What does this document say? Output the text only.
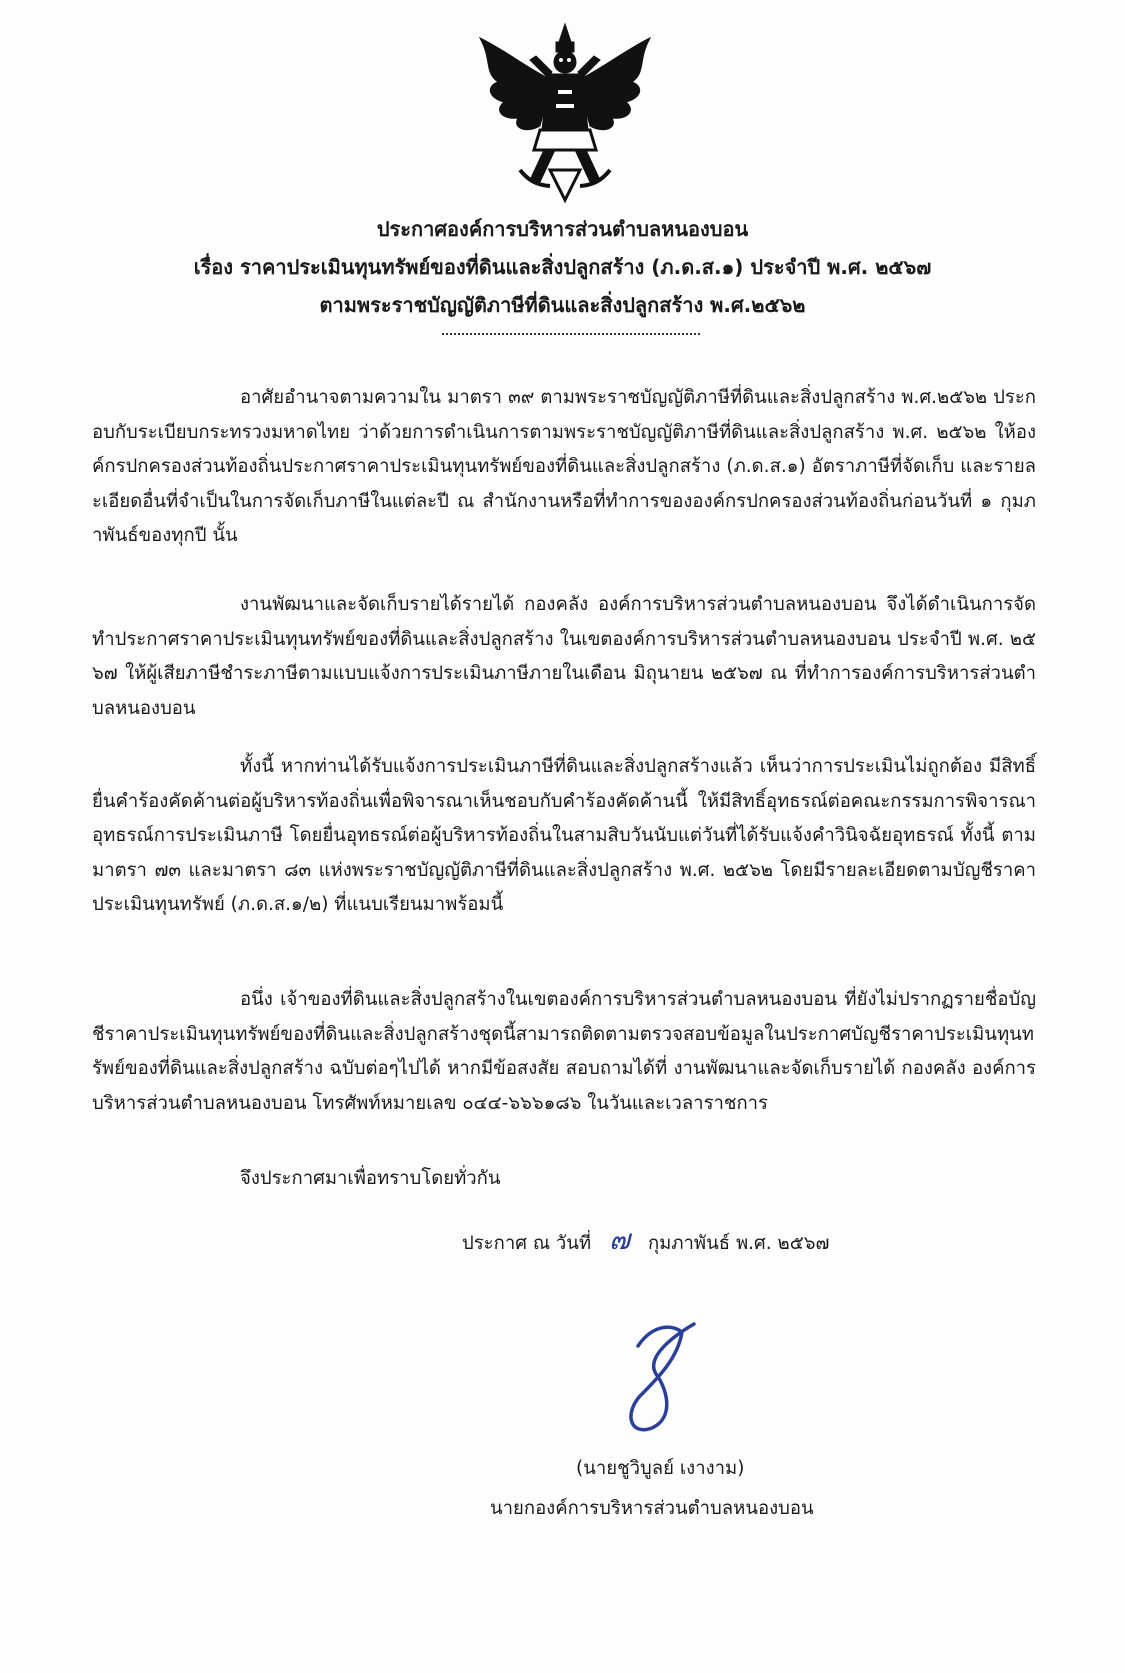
ประกาศองค์การบริหารส่วนตำบลหนองบอน

เรื่อง ราคาประเมินทุนทรัพย์ของที่ดินและสิ่งปลูกสร้าง (ภ.ด.ส.๑) ประจำปี พ.ศ. ๒๕๖๗

ตามพระราชบัญญัติภาษีที่ดินและสิ่งปลูกสร้าง พ.ศ.๒๕๖๒

อาศัยอำนาจตามความใน มาตรา ๓๙ ตามพระราชบัญญัติภาษีที่ดินและสิ่งปลูกสร้าง พ.ศ.๒๕๖๒ ประกอบกับระเบียบกระทรวงมหาดไทย ว่าด้วยการดำเนินการตามพระราชบัญญัติภาษีที่ดินและสิ่งปลูกสร้าง พ.ศ. ๒๕๖๒ ให้องค์กรปกครองส่วนท้องถิ่นประกาศราคาประเมินทุนทรัพย์ของที่ดินและสิ่งปลูกสร้าง (ภ.ด.ส.๑) อัตราภาษีที่จัดเก็บ และรายละเอียดอื่นที่จำเป็นในการจัดเก็บภาษีในแต่ละปี ณ สำนักงานหรือที่ทำการขององค์กรปกครองส่วนท้องถิ่นก่อนวันที่ ๑ กุมภาพันธ์ของทุกปี นั้น

งานพัฒนาและจัดเก็บรายได้รายได้ กองคลัง องค์การบริหารส่วนตำบลหนองบอน จึงได้ดำเนินการจัดทำประกาศราคาประเมินทุนทรัพย์ของที่ดินและสิ่งปลูกสร้าง ในเขตองค์การบริหารส่วนตำบลหนองบอน ประจำปี พ.ศ. ๒๕๖๗ ให้ผู้เสียภาษีชำระภาษีตามแบบแจ้งการประเมินภาษีภายในเดือน มิถุนายน ๒๕๖๗ ณ ที่ทำการองค์การบริหารส่วนตำบลหนองบอน

ทั้งนี้ หากท่านได้รับแจ้งการประเมินภาษีที่ดินและสิ่งปลูกสร้างแล้ว เห็นว่าการประเมินไม่ถูกต้อง มีสิทธิ์ยื่นคำร้องคัดค้านต่อผู้บริหารท้องถิ่นเพื่อพิจารณาเห็นชอบกับคำร้องคัดค้านนี้ ให้มีสิทธิ์อุทธรณ์ต่อคณะกรรมการพิจารณาอุทธรณ์การประเมินภาษี โดยยื่นอุทธรณ์ต่อผู้บริหารท้องถิ่นในสามสิบวันนับแต่วันที่ได้รับแจ้งคำวินิจฉัยอุทธรณ์ ทั้งนี้ ตามมาตรา ๗๓ และมาตรา ๘๓ แห่งพระราชบัญญัติภาษีที่ดินและสิ่งปลูกสร้าง พ.ศ. ๒๕๖๒ โดยมีรายละเอียดตามบัญชีราคาประเมินทุนทรัพย์ (ภ.ด.ส.๑/๒) ที่แนบเรียนมาพร้อมนี้

อนึ่ง เจ้าของที่ดินและสิ่งปลูกสร้างในเขตองค์การบริหารส่วนตำบลหนองบอน ที่ยังไม่ปรากฏรายชื่อบัญชีราคาประเมินทุนทรัพย์ของที่ดินและสิ่งปลูกสร้างชุดนี้สามารถติดตามตรวจสอบข้อมูลในประกาศบัญชีราคาประเมินทุนทรัพย์ของที่ดินและสิ่งปลูกสร้าง ฉบับต่อๆไปได้ หากมีข้อสงสัย สอบถามได้ที่ งานพัฒนาและจัดเก็บรายได้ กองคลัง องค์การบริหารส่วนตำบลหนองบอน โทรศัพท์หมายเลข ๐๔๔-๖๖๖๑๘๖ ในวันและเวลาราชการ

จึงประกาศมาเพื่อทราบโดยทั่วกัน
ประกาศ ณ วันที่ ๗ กุมภาพันธ์ พ.ศ. ๒๕๖๗
(นายชูวิบูลย์ เงางาม)
นายกองค์การบริหารส่วนตำบลหนองบอน
